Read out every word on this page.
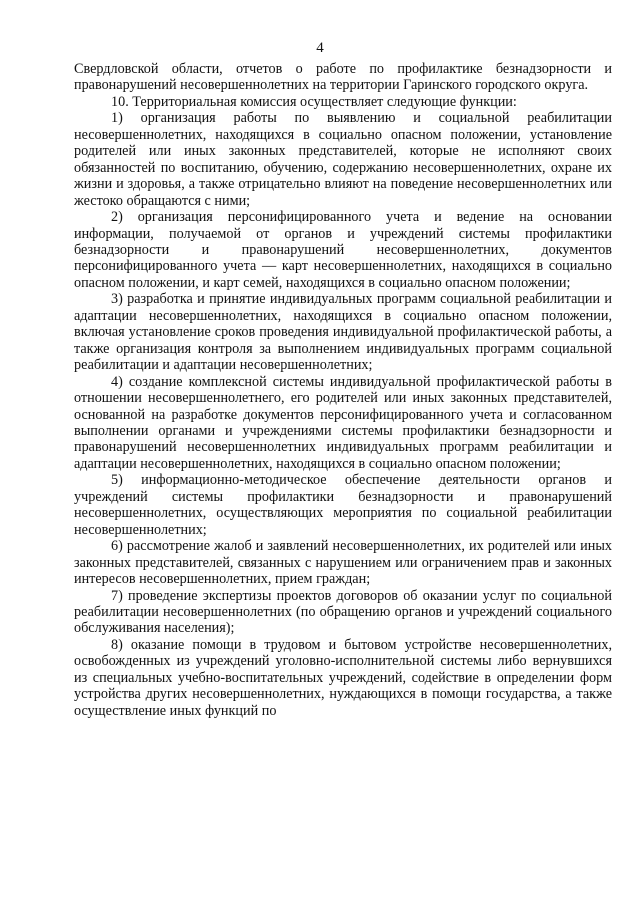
4

Свердловской области, отчетов о работе по профилактике безнадзорности и правонарушений несовершеннолетних на территории Гаринского городского округа.

10. Территориальная комиссия осуществляет следующие функции:

1) организация работы по выявлению и социальной реабилитации несовершеннолетних, находящихся в социально опасном положении, установление родителей или иных законных представителей, которые не исполняют своих обязанностей по воспитанию, обучению, содержанию несовершеннолетних, охране их жизни и здоровья, а также отрицательно влияют на поведение несовершеннолетних или жестоко обращаются с ними;

2) организация персонифицированного учета и ведение на основании информации, получаемой от органов и учреждений системы профилактики безнадзорности и правонарушений несовершеннолетних, документов персонифицированного учета — карт несовершеннолетних, находящихся в социально опасном положении, и карт семей, находящихся в социально опасном положении;

3) разработка и принятие индивидуальных программ социальной реабилитации и адаптации несовершеннолетних, находящихся в социально опасном положении, включая установление сроков проведения индивидуальной профилактической работы, а также организация контроля за выполнением индивидуальных программ социальной реабилитации и адаптации несовершеннолетних;

4) создание комплексной системы индивидуальной профилактической работы в отношении несовершеннолетнего, его родителей или иных законных представителей, основанной на разработке документов персонифицированного учета и согласованном выполнении органами и учреждениями системы профилактики безнадзорности и правонарушений несовершеннолетних индивидуальных программ реабилитации и адаптации несовершеннолетних, находящихся в социально опасном положении;

5) информационно-методическое обеспечение деятельности органов и учреждений системы профилактики безнадзорности и правонарушений несовершеннолетних, осуществляющих мероприятия по социальной реабилитации несовершеннолетних;

6) рассмотрение жалоб и заявлений несовершеннолетних, их родителей или иных законных представителей, связанных с нарушением или ограничением прав и законных интересов несовершеннолетних, прием граждан;

7) проведение экспертизы проектов договоров об оказании услуг по социальной реабилитации несовершеннолетних (по обращению органов и учреждений социального обслуживания населения);

8) оказание помощи в трудовом и бытовом устройстве несовершеннолетних, освобожденных из учреждений уголовно-исполнительной системы либо вернувшихся из специальных учебно-воспитательных учреждений, содействие в определении форм устройства других несовершеннолетних, нуждающихся в помощи государства, а также осуществление иных функций по
